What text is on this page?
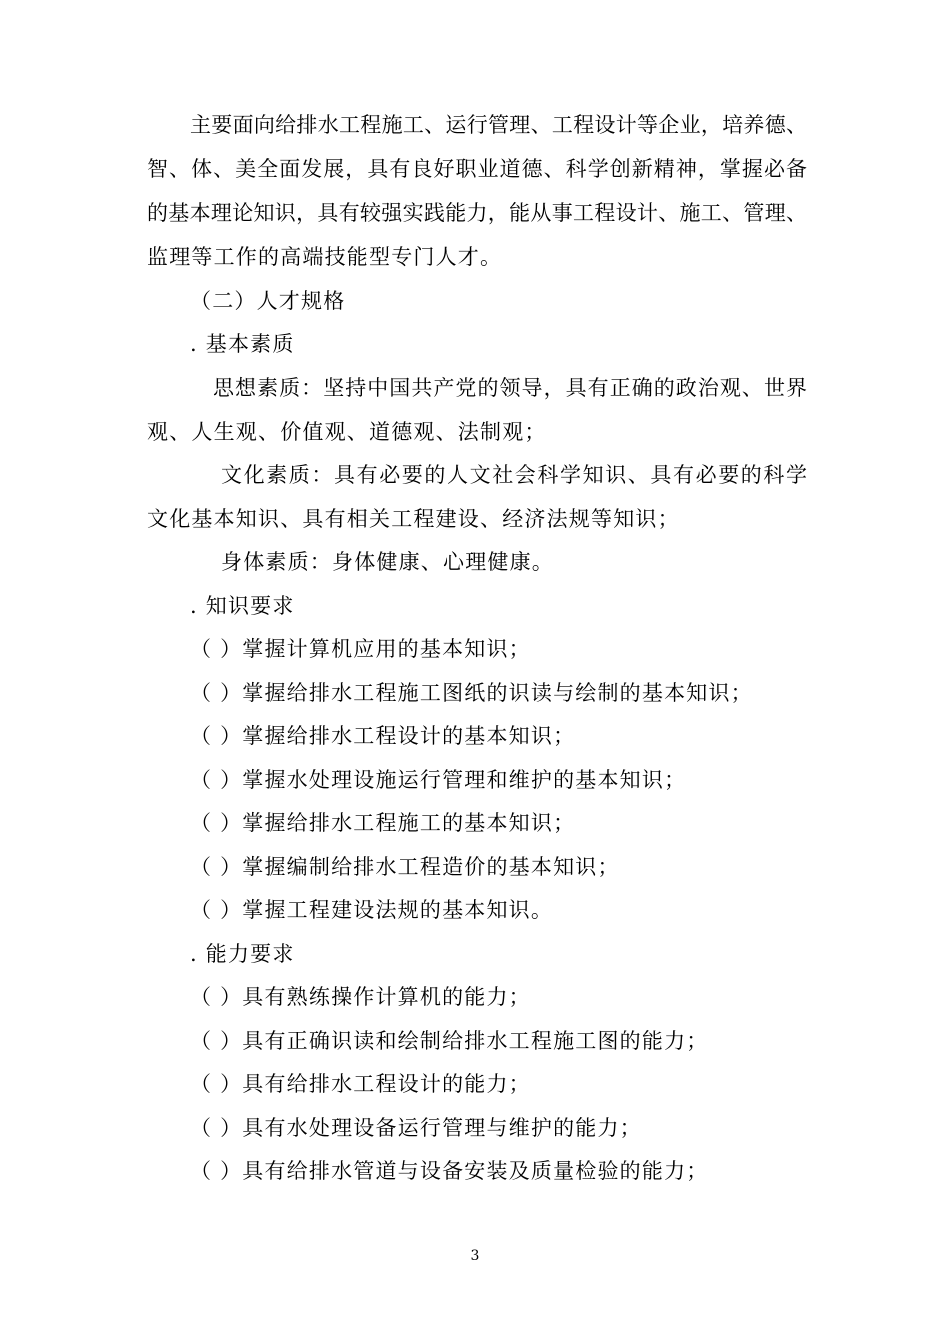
主要面向给排水工程施工、运行管理、工程设计等企业，培养德、
智、体、美全面发展，具有良好职业道德、科学创新精神，掌握必备
的基本理论知识，具有较强实践能力，能从事工程设计、施工、管理、
监理等工作的高端技能型专门人才。
（二）人才规格
. 基本素质
思想素质：坚持中国共产党的领导，具有正确的政治观、世界
观、人生观、价值观、道德观、法制观；
文化素质：具有必要的人文社会科学知识、具有必要的科学
文化基本知识、具有相关工程建设、经济法规等知识；
身体素质：身体健康、心理健康。
. 知识要求
（ ）掌握计算机应用的基本知识；
（ ）掌握给排水工程施工图纸的识读与绘制的基本知识；
（ ）掌握给排水工程设计的基本知识；
（ ）掌握水处理设施运行管理和维护的基本知识；
（ ）掌握给排水工程施工的基本知识；
（ ）掌握编制给排水工程造价的基本知识；
（ ）掌握工程建设法规的基本知识。
. 能力要求
（ ）具有熟练操作计算机的能力；
（ ）具有正确识读和绘制给排水工程施工图的能力；
（ ）具有给排水工程设计的能力；
（ ）具有水处理设备运行管理与维护的能力；
（ ）具有给排水管道与设备安装及质量检验的能力；
3
